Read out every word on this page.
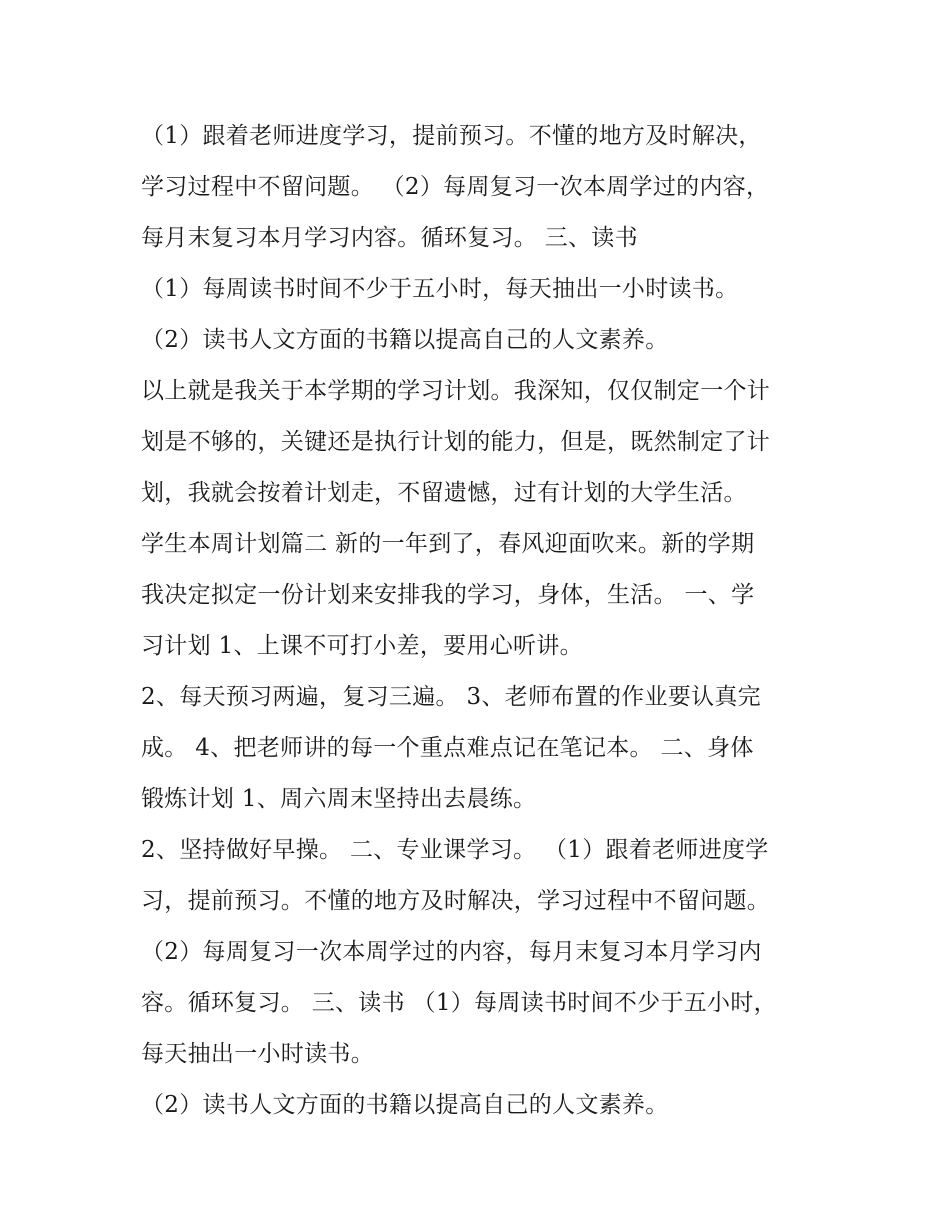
（1）跟着老师进度学习，提前预习。不懂的地方及时解决，
学习过程中不留问题。 （2）每周复习一次本周学过的内容，
每月末复习本月学习内容。循环复习。 三、读书
（1）每周读书时间不少于五小时，每天抽出一小时读书。
（2）读书人文方面的书籍以提高自己的人文素养。
以上就是我关于本学期的学习计划。我深知，仅仅制定一个计
划是不够的，关键还是执行计划的能力，但是，既然制定了计
划，我就会按着计划走，不留遗憾，过有计划的大学生活。
学生本周计划篇二 新的一年到了，春风迎面吹来。新的学期
我决定拟定一份计划来安排我的学习，身体，生活。 一、学
习计划 1、上课不可打小差，要用心听讲。
2、每天预习两遍，复习三遍。 3、老师布置的作业要认真完
成。 4、把老师讲的每一个重点难点记在笔记本。 二、身体
锻炼计划 1、周六周末坚持出去晨练。
2、坚持做好早操。 二、专业课学习。 （1）跟着老师进度学
习，提前预习。不懂的地方及时解决，学习过程中不留问题。
（2）每周复习一次本周学过的内容，每月末复习本月学习内
容。循环复习。 三、读书 （1）每周读书时间不少于五小时，
每天抽出一小时读书。
（2）读书人文方面的书籍以提高自己的人文素养。
